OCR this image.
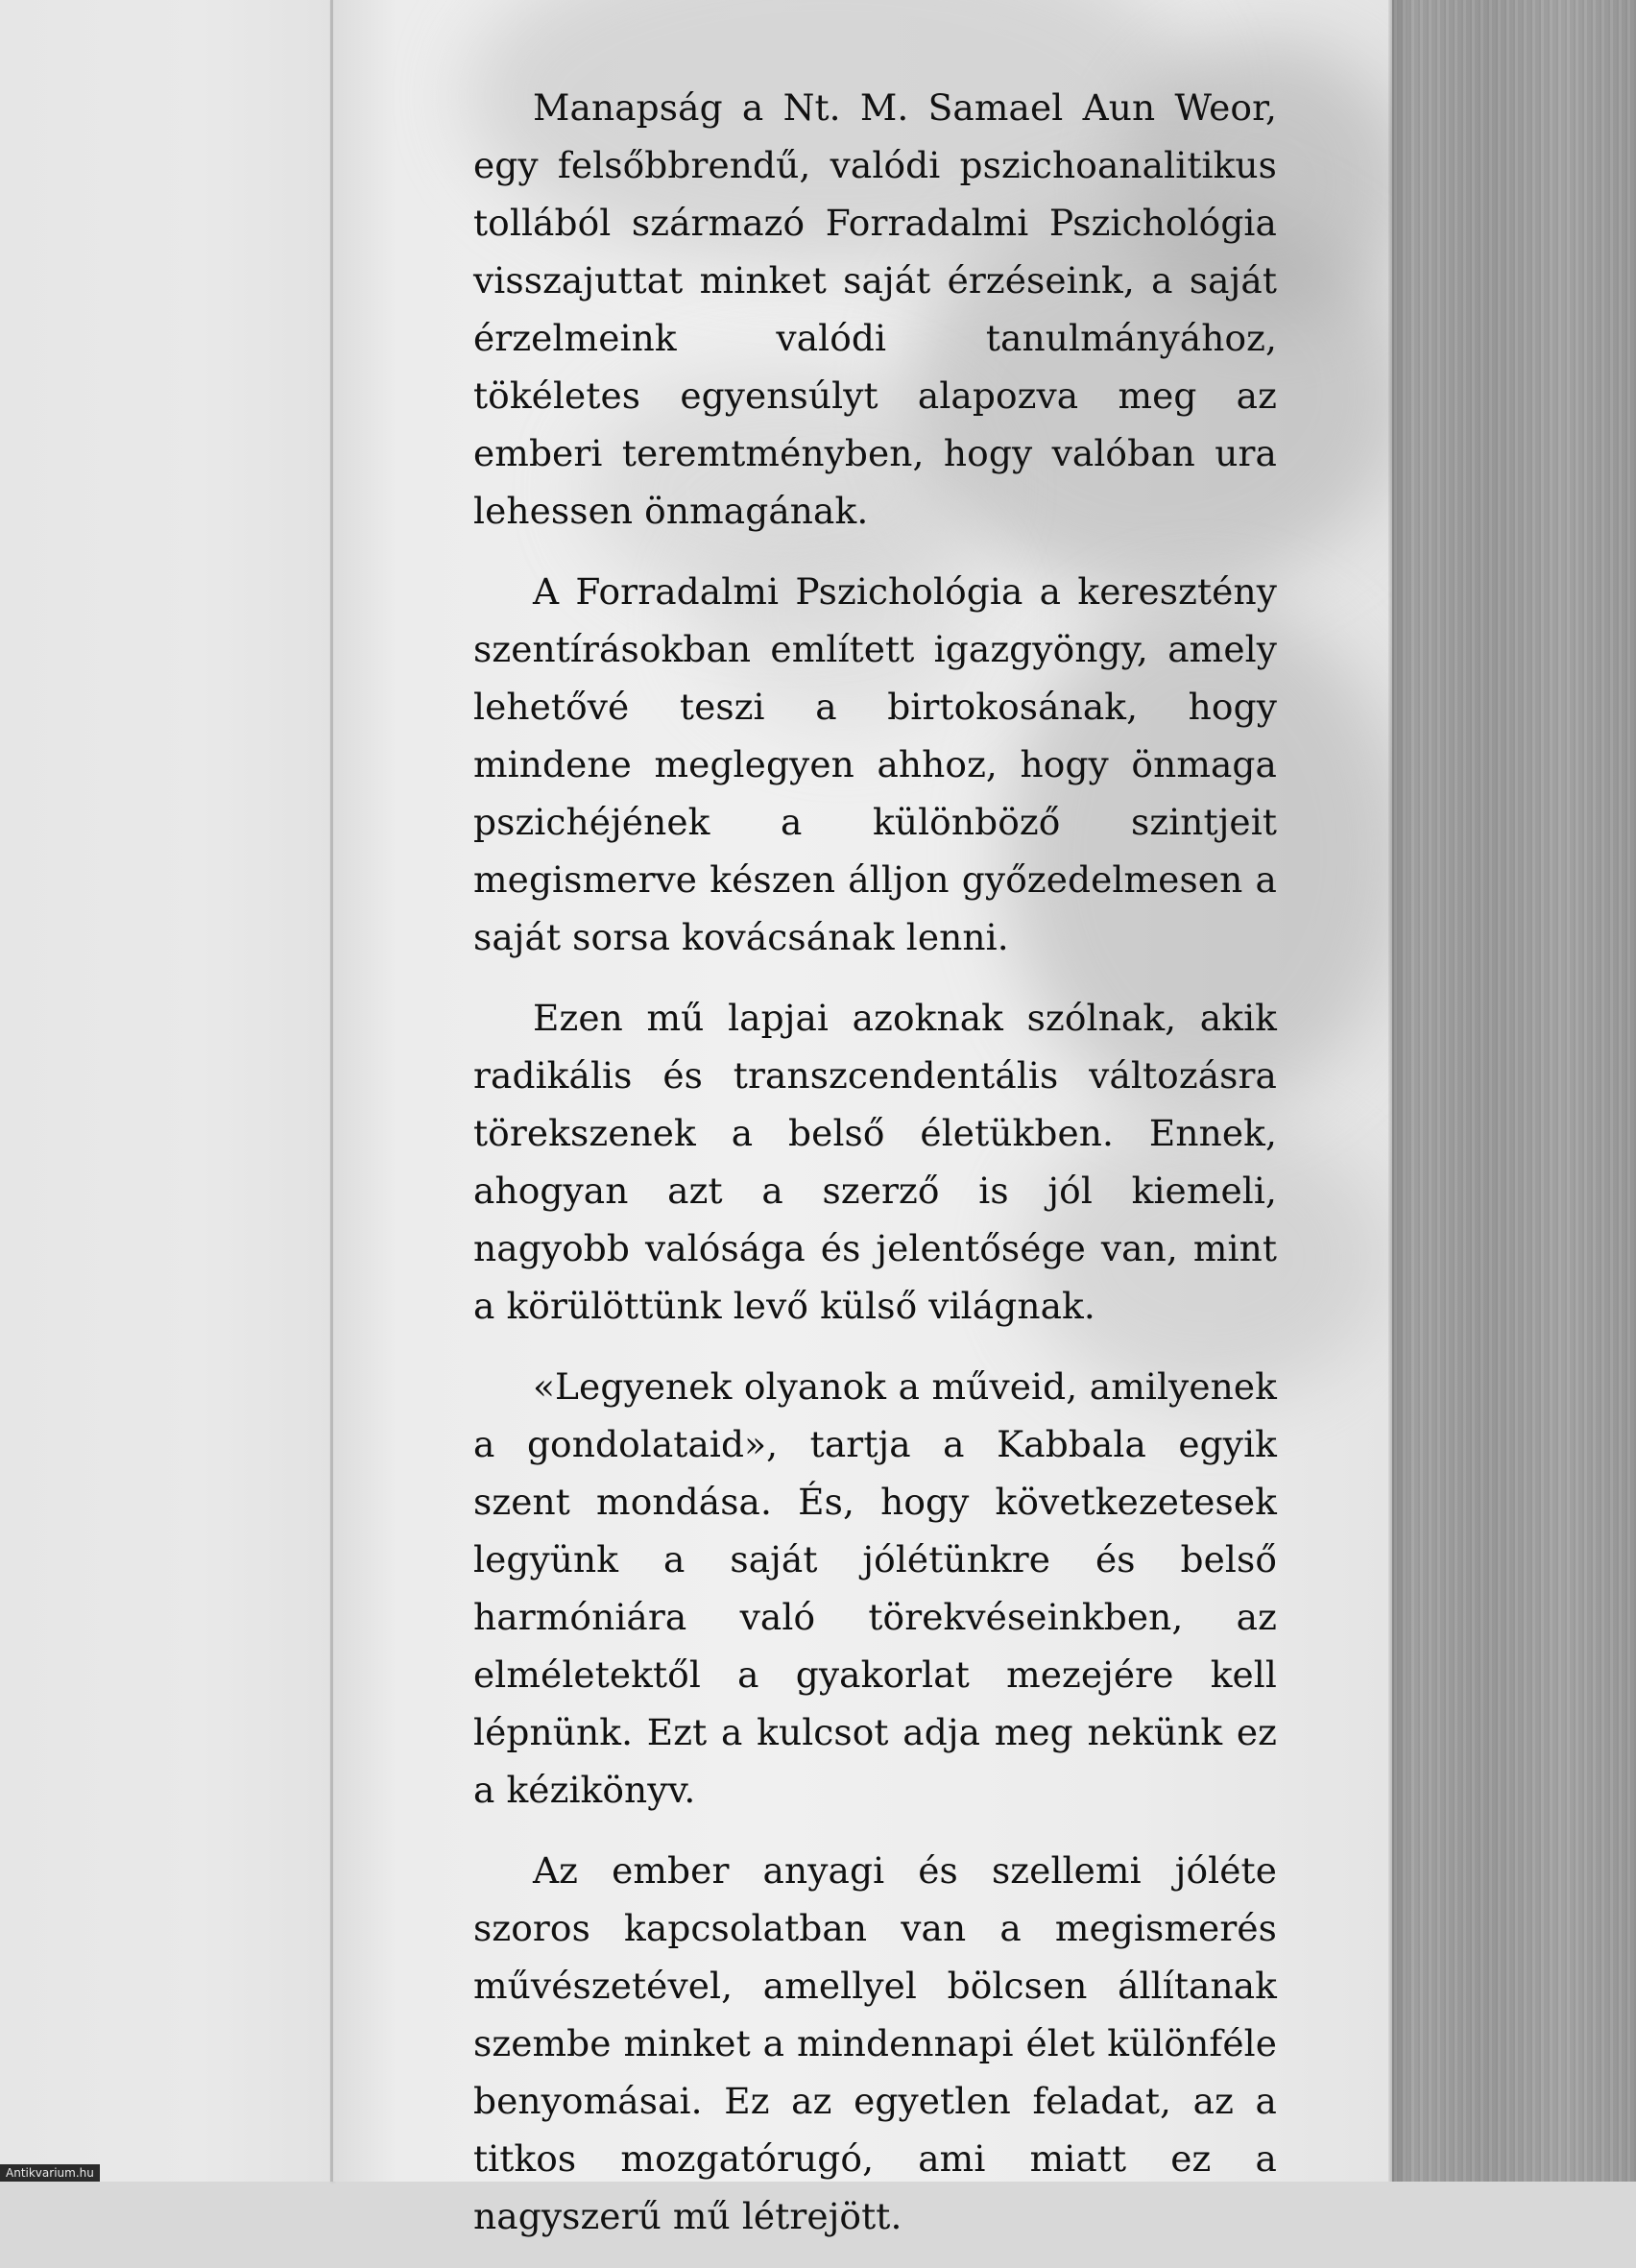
Manapság a Nt. M. Samael Aun Weor, egy felsőbbrendű, valódi pszichoanalitikus tollából származó Forradalmi Pszichológia visszajuttat minket saját érzéseink, a saját érzelmeink valódi tanulmányához, tökéletes egyensúlyt alapozva meg az emberi teremtményben, hogy valóban ura lehessen önmagának.

A Forradalmi Pszichológia a keresztény szentírásokban említett igazgyöngy, amely lehetővé teszi a birtokosának, hogy mindene meglegyen ahhoz, hogy önmaga pszichéjének a különböző szintjeit megismerve készen álljon győzedelmesen a saját sorsa kovácsának lenni.

Ezen mű lapjai azoknak szólnak, akik radikális és transzcendentális változásra törekszenek a belső életükben. Ennek, ahogyan azt a szerző is jól kiemeli, nagyobb valósága és jelentősége van, mint a körülöttünk levő külső világnak.

«Legyenek olyanok a műveid, amilyenek a gondolataid», tartja a Kabbala egyik szent mondása. És, hogy következetesek legyünk a saját jólétünkre és belső harmóniára való törekvéseinkben, az elméletektől a gyakorlat mezejére kell lépnünk. Ezt a kulcsot adja meg nekünk ez a kézikönyv.

Az ember anyagi és szellemi jóléte szoros kapcsolatban van a megismerés művészetével, amellyel bölcsen állítanak szembe minket a mindennapi élet különféle benyomásai. Ez az egyetlen feladat, az a titkos mozgatórugó, ami miatt ez a nagyszerű mű létrejött.

Antikvarium.hu
